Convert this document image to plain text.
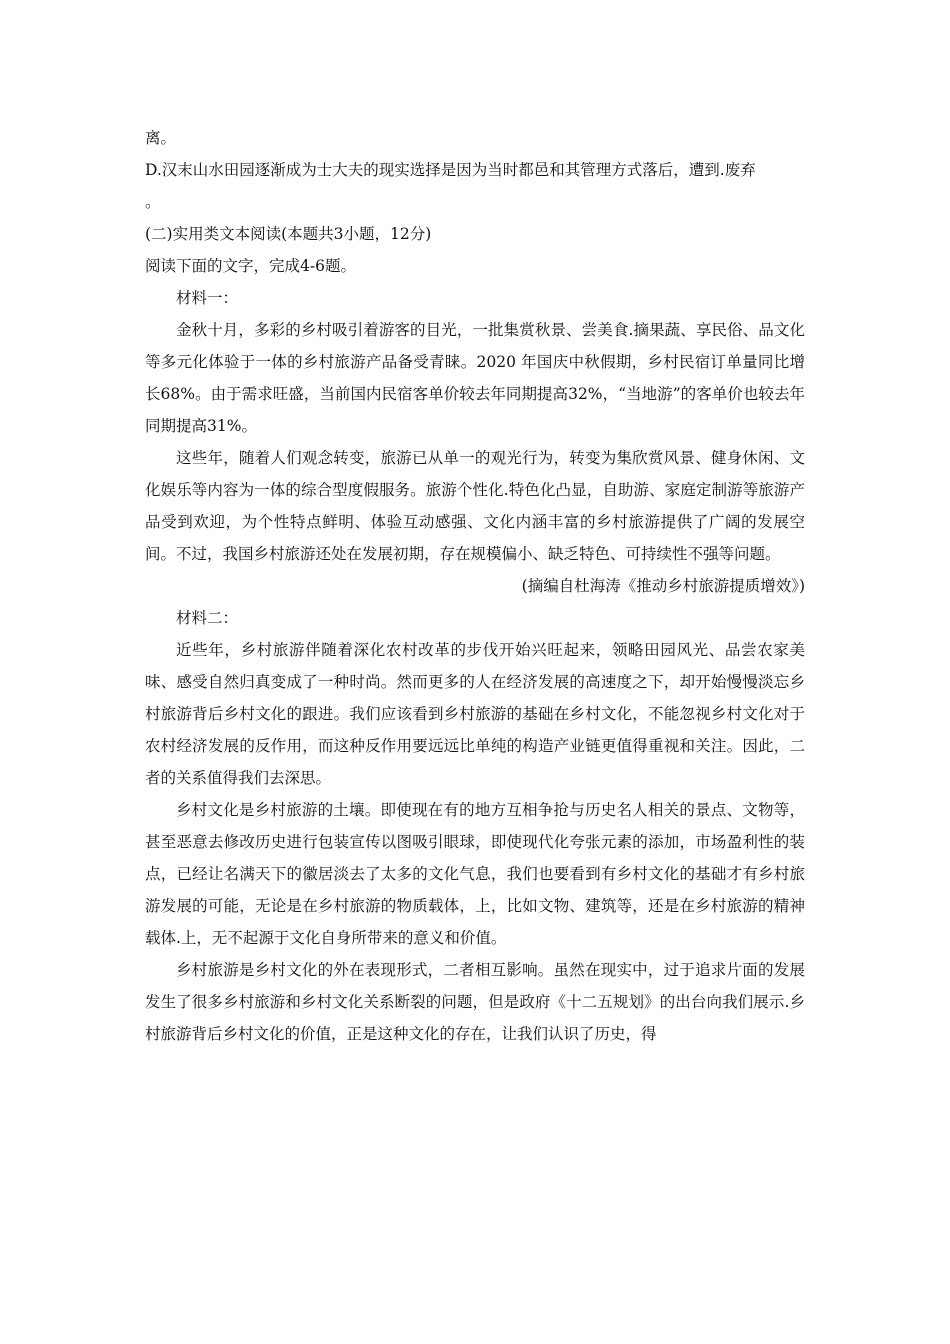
离。
D.汉末山水田园逐渐成为士大夫的现实选择是因为当时都邑和其管理方式落后，遭到.废弃
。
(二)实用类文本阅读(本题共3小题，12分)
阅读下面的文字，完成4-6题。
材料一：
金秋十月，多彩的乡村吸引着游客的目光，一批集赏秋景、尝美食.摘果蔬、享民俗、品文化等多元化体验于一体的乡村旅游产品备受青睐。2020 年国庆中秋假期，乡村民宿订单量同比增长68%。由于需求旺盛，当前国内民宿客单价较去年同期提高32%，“当地游”的客单价也较去年同期提高31%。
这些年，随着人们观念转变，旅游已从单一的观光行为，转变为集欣赏风景、健身休闲、文化娱乐等内容为一体的综合型度假服务。旅游个性化.特色化凸显，自助游、家庭定制游等旅游产品受到欢迎，为个性特点鲜明、体验互动感强、文化内涵丰富的乡村旅游提供了广阔的发展空间。不过，我国乡村旅游还处在发展初期，存在规模偏小、缺乏特色、可持续性不强等问题。
(摘编自杜海涛《推动乡村旅游提质增效》)
材料二：
近些年，乡村旅游伴随着深化农村改革的步伐开始兴旺起来，领略田园风光、品尝农家美味、感受自然归真变成了一种时尚。然而更多的人在经济发展的高速度之下，却开始慢慢淡忘乡村旅游背后乡村文化的跟进。我们应该看到乡村旅游的基础在乡村文化，不能忽视乡村文化对于农村经济发展的反作用，而这种反作用要远远比单纯的构造产业链更值得重视和关注。因此，二者的关系值得我们去深思。
乡村文化是乡村旅游的土壤。即使现在有的地方互相争抢与历史名人相关的景点、文物等，甚至恶意去修改历史进行包装宣传以图吸引眼球，即使现代化夸张元素的添加，市场盈利性的装点，已经让名满天下的徽居淡去了太多的文化气息，我们也要看到有乡村文化的基础才有乡村旅游发展的可能，无论是在乡村旅游的物质载体，上，比如文物、建筑等，还是在乡村旅游的精神载体.上，无不起源于文化自身所带来的意义和价值。
乡村旅游是乡村文化的外在表现形式，二者相互影响。虽然在现实中，过于追求片面的发展发生了很多乡村旅游和乡村文化关系断裂的问题，但是政府《十二五规划》的出台向我们展示.乡村旅游背后乡村文化的价值，正是这种文化的存在，让我们认识了历史，得
